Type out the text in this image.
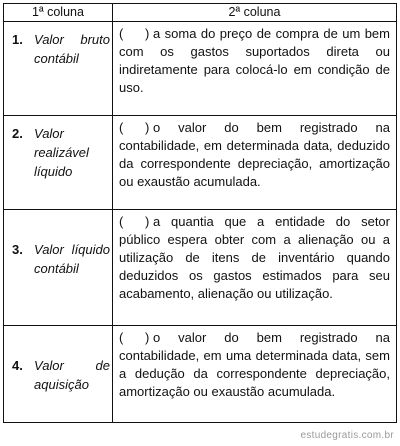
1ª coluna	2ª coluna

1. Valor bruto contábil	(      ) a soma do preço de compra de um bem com os gastos suportados direta ou indiretamente para colocá-lo em condição de uso.

2. Valor realizável líquido	(      ) o valor do bem registrado na contabilidade, em determinada data, deduzido da correspondente depreciação, amortização ou exaustão acumulada.

3. Valor líquido contábil	(      ) a quantia que a entidade do setor público espera obter com a alienação ou a utilização de itens de inventário quando deduzidos os gastos estimados para seu acabamento, alienação ou utilização.

4. Valor de aquisição	(      ) o valor do bem registrado na contabilidade, em uma determinada data, sem a dedução da correspondente depreciação, amortização ou exaustão acumulada.
estudegratis.com.br
